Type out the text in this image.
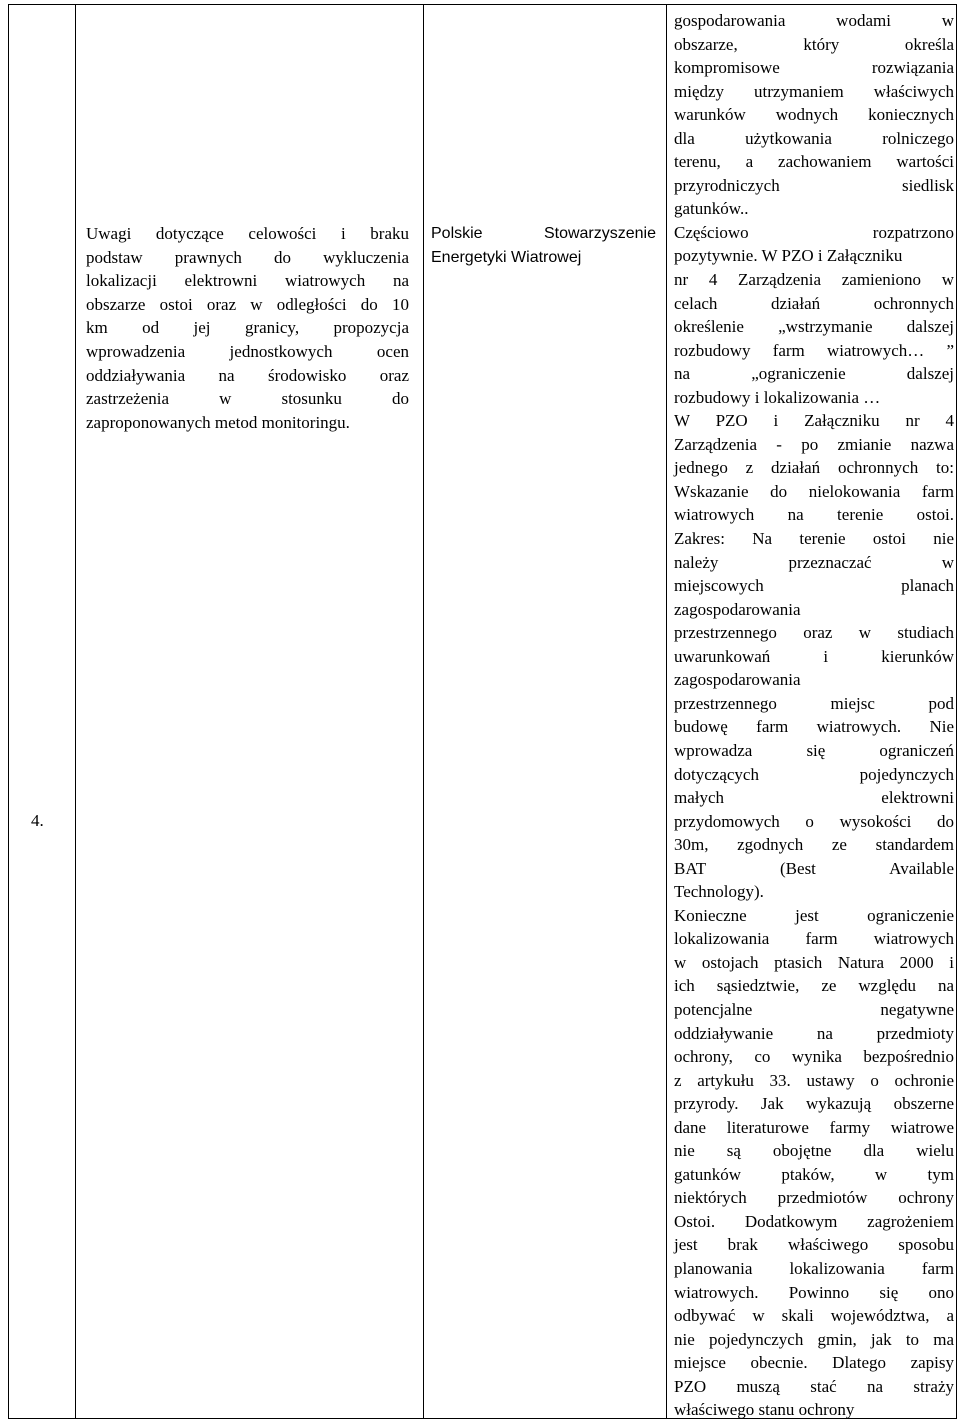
4.

Uwagi dotyczące celowości i braku
podstaw prawnych do wykluczenia
lokalizacji elektrowni wiatrowych na
obszarze ostoi oraz w odległości do 10
km od jej granicy, propozycja
wprowadzenia jednostkowych ocen
oddziaływania na środowisko oraz
zastrzeżenia w stosunku do
zaproponowanych metod monitoringu.

Polskie Stowarzyszenie
Energetyki Wiatrowej

gospodarowania wodami w
obszarze, który określa
kompromisowe rozwiązania
między utrzymaniem właściwych
warunków wodnych koniecznych
dla użytkowania rolniczego
terenu, a zachowaniem wartości
przyrodniczych siedlisk
gatunków..
Częściowo rozpatrzono
pozytywnie. W PZO i Załączniku
nr 4 Zarządzenia zamieniono w
celach działań ochronnych
określenie „wstrzymanie dalszej
rozbudowy farm wiatrowych… ”
na „ograniczenie dalszej
rozbudowy i lokalizowania …
W PZO i Załączniku nr 4
Zarządzenia - po zmianie nazwa
jednego z działań ochronnych to:
Wskazanie do nielokowania farm
wiatrowych na terenie ostoi.
Zakres: Na terenie ostoi nie
należy przeznaczać w
miejscowych planach
zagospodarowania
przestrzennego oraz w studiach
uwarunkowań i kierunków
zagospodarowania
przestrzennego miejsc pod
budowę farm wiatrowych. Nie
wprowadza się ograniczeń
dotyczących pojedynczych
małych elektrowni
przydomowych o wysokości do
30m, zgodnych ze standardem
BAT (Best Available
Technology).
Konieczne jest ograniczenie
lokalizowania farm wiatrowych
w ostojach ptasich Natura 2000 i
ich sąsiedztwie, ze względu na
potencjalne negatywne
oddziaływanie na przedmioty
ochrony, co wynika bezpośrednio
z artykułu 33. ustawy o ochronie
przyrody. Jak wykazują obszerne
dane literaturowe farmy wiatrowe
nie są obojętne dla wielu
gatunków ptaków, w tym
niektórych przedmiotów ochrony
Ostoi. Dodatkowym zagrożeniem
jest brak właściwego sposobu
planowania lokalizowania farm
wiatrowych. Powinno się ono
odbywać w skali województwa, a
nie pojedynczych gmin, jak to ma
miejsce obecnie. Dlatego zapisy
PZO muszą stać na straży
właściwego stanu ochrony
